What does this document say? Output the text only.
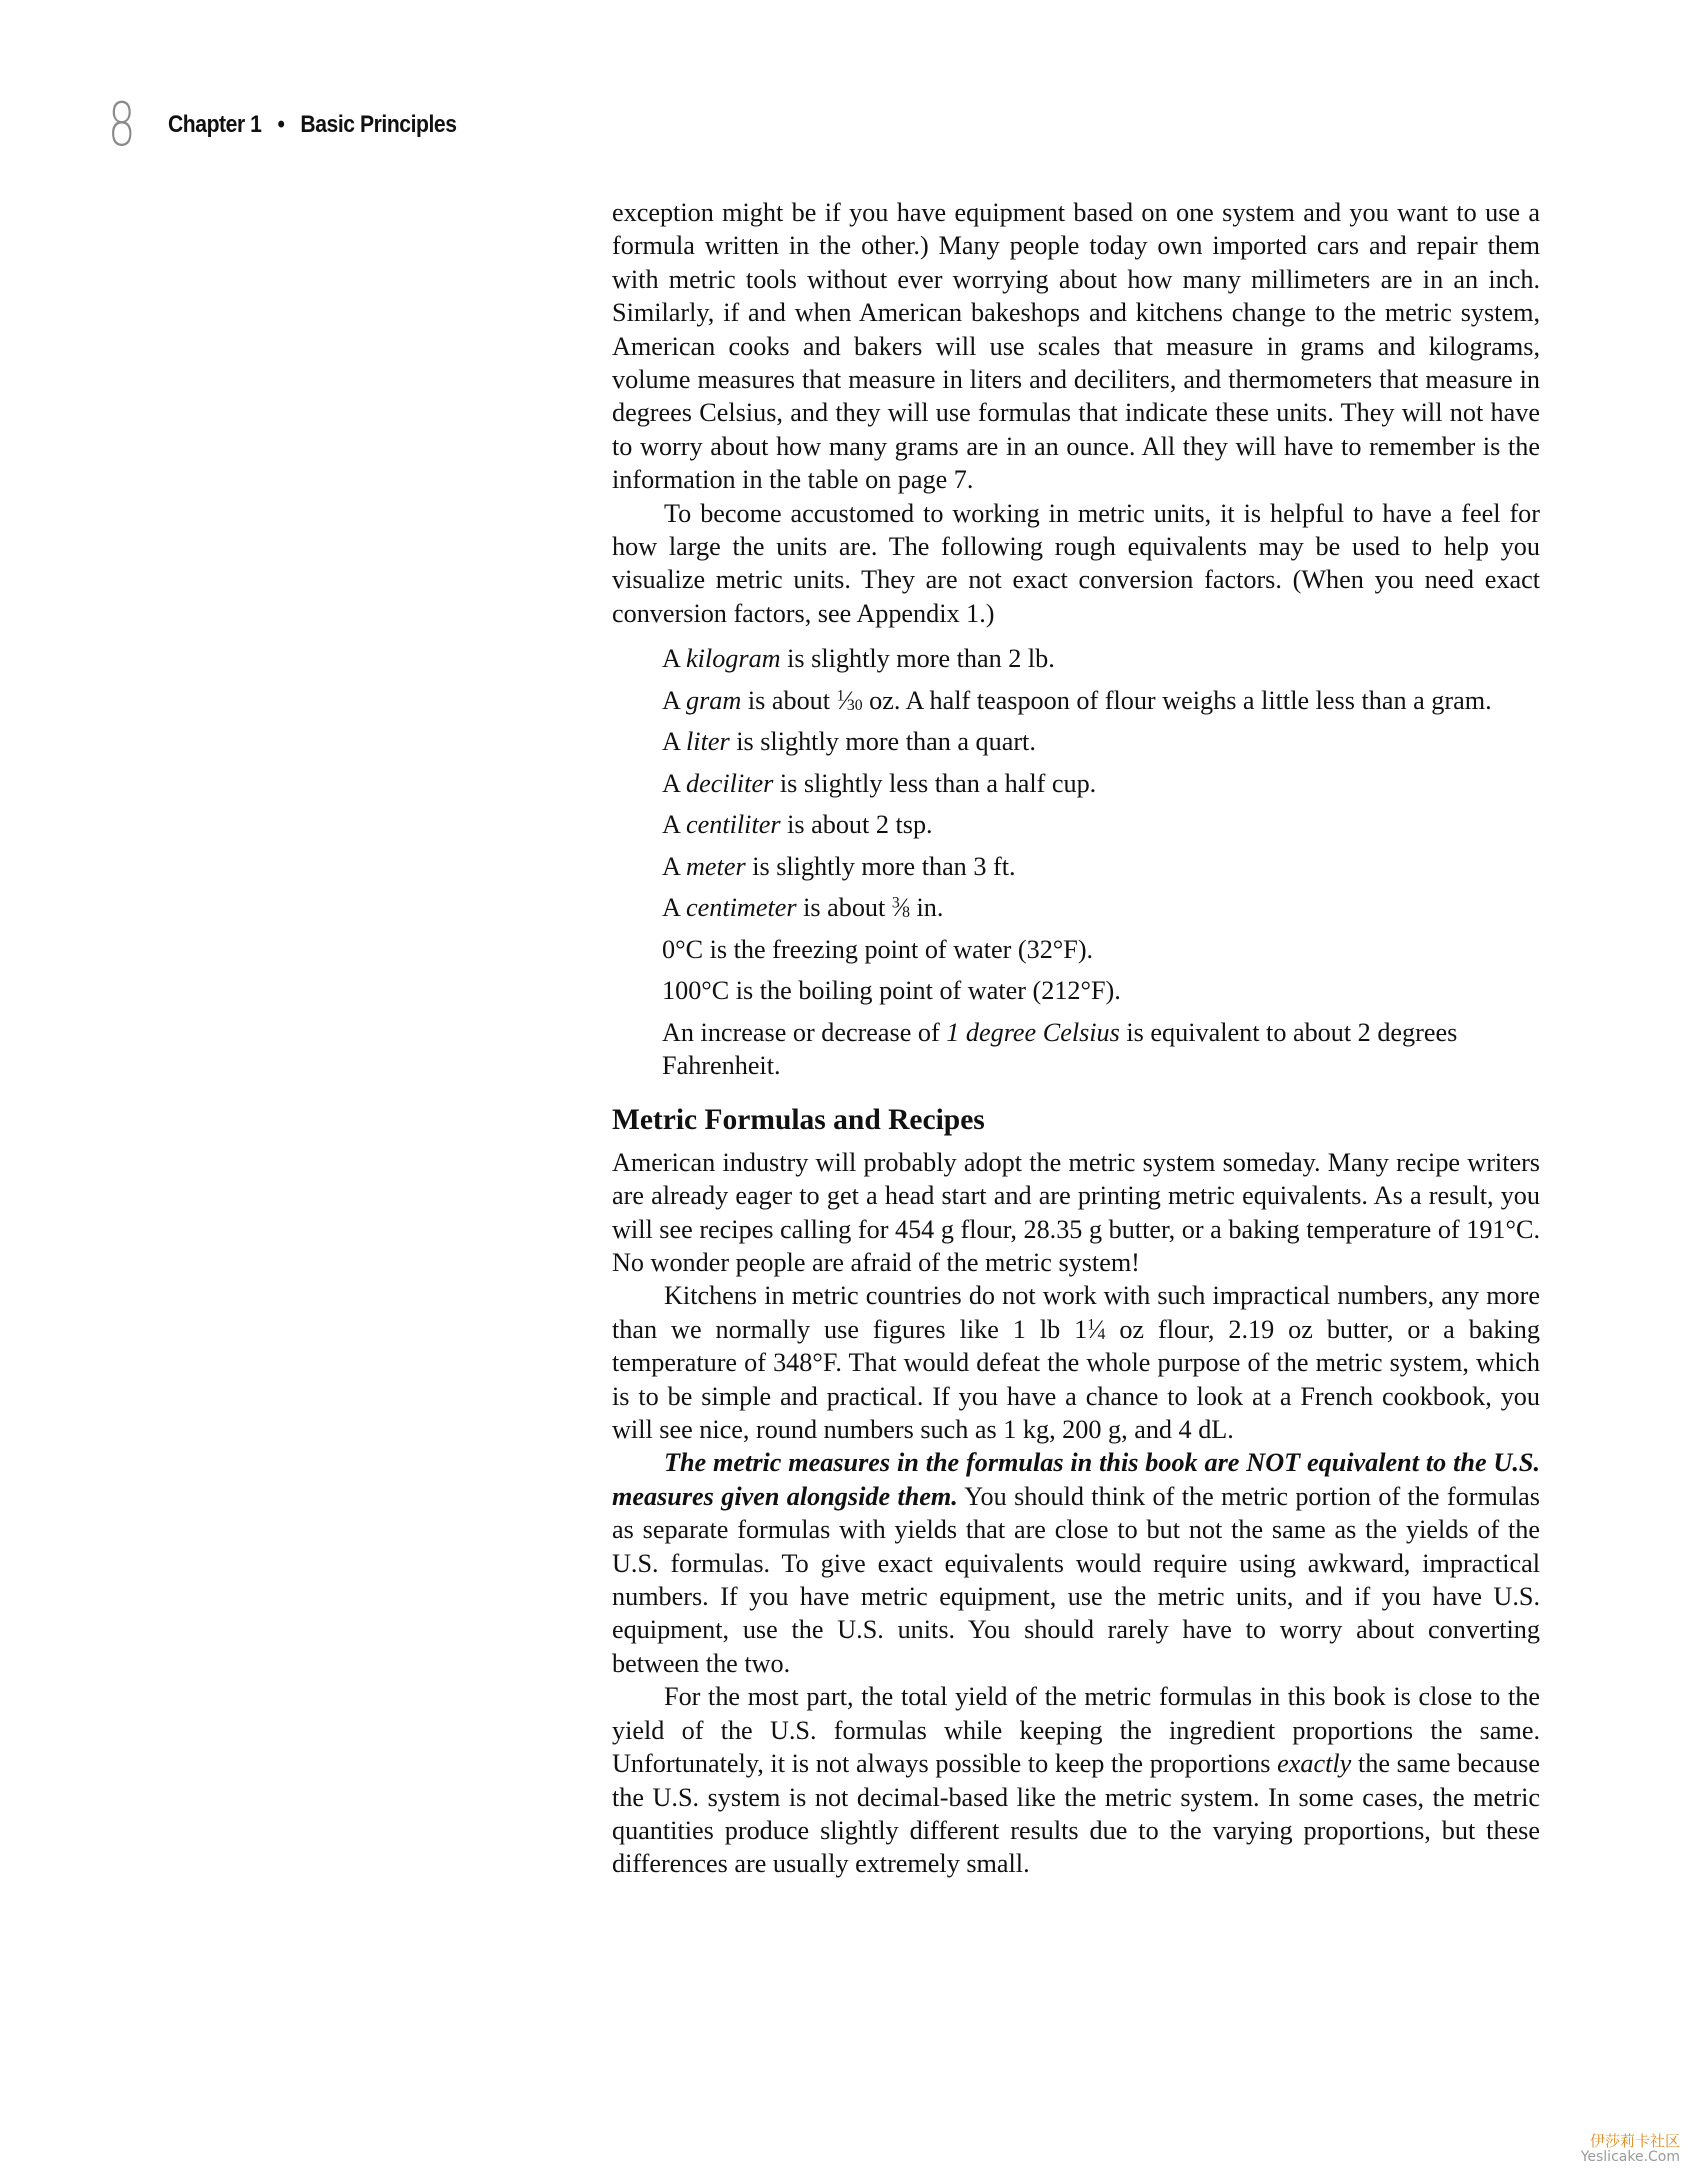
8 Chapter 1 • Basic Principles

exception might be if you have equipment based on one system and you want to use a formula written in the other.) Many people today own imported cars and repair them with metric tools without ever worrying about how many millimeters are in an inch. Similarly, if and when American bakeshops and kitchens change to the metric system, American cooks and bakers will use scales that measure in grams and kilograms, volume measures that measure in liters and deciliters, and thermometers that measure in degrees Celsius, and they will use formulas that indicate these units. They will not have to worry about how many grams are in an ounce. All they will have to remember is the information in the table on page 7.

To become accustomed to working in metric units, it is helpful to have a feel for how large the units are. The following rough equivalents may be used to help you visualize metric units. They are not exact conversion factors. (When you need exact conversion factors, see Appendix 1.)

A kilogram is slightly more than 2 lb.
A gram is about $^1⁄_{30}$ oz. A half teaspoon of flour weighs a little less than a gram.
A liter is slightly more than a quart.
A deciliter is slightly less than a half cup.
A centiliter is about 2 tsp.
A meter is slightly more than 3 ft.
A centimeter is about $^3⁄_8$ in.
0°C is the freezing point of water (32°F).
100°C is the boiling point of water (212°F).
An increase or decrease of 1 degree Celsius is equivalent to about 2 degrees Fahrenheit.
Metric Formulas and Recipes

American industry will probably adopt the metric system someday. Many recipe writers are already eager to get a head start and are printing metric equivalents. As a result, you will see recipes calling for 454 g flour, 28.35 g butter, or a baking temperature of 191°C. No wonder people are afraid of the metric system!

Kitchens in metric countries do not work with such impractical numbers, any more than we normally use figures like 1 lb $1^1⁄_4$ oz flour, 2.19 oz butter, or a baking temperature of 348°F. That would defeat the whole purpose of the metric system, which is to be simple and practical. If you have a chance to look at a French cookbook, you will see nice, round numbers such as 1 kg, 200 g, and 4 dL.

The metric measures in the formulas in this book are NOT equivalent to the U.S. measures given alongside them. You should think of the metric portion of the formulas as separate formulas with yields that are close to but not the same as the yields of the U.S. formulas. To give exact equivalents would require using awkward, impractical numbers. If you have metric equipment, use the metric units, and if you have U.S. equipment, use the U.S. units. You should rarely have to worry about converting between the two.

For the most part, the total yield of the metric formulas in this book is close to the yield of the U.S. formulas while keeping the ingredient proportions the same. Unfortunately, it is not always possible to keep the proportions exactly the same because the U.S. system is not decimal-based like the metric system. In some cases, the metric quantities produce slightly different results due to the varying proportions, but these differences are usually extremely small.

伊莎莉卡社区
Yeslicake.Com
